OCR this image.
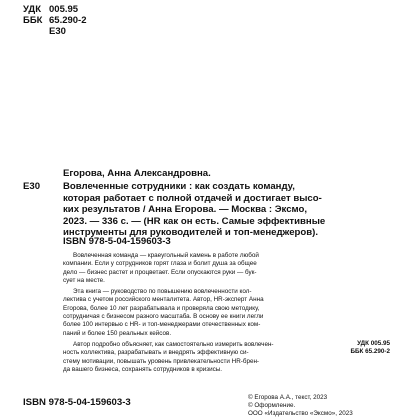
УДК 005.95
ББК 65.290-2
Е30
Егорова, Анна Александровна.
Е30 Вовлеченные сотрудники : как создать команду,
которая работает с полной отдачей и достигает высо-
ких результатов / Анна Егорова. — Москва : Эксмо,
2023. — 336 с. — (HR как он есть. Самые эффективные
инструменты для руководителей и топ-менеджеров).
ISBN 978-5-04-159603-3
Вовлеченная команда — краеугольный камень в работе любой
компании. Если у сотрудников горят глаза и болит душа за общее
дело — бизнес растет и процветает. Если опускаются руки — бук-
сует на месте.
Эта книга — руководство по повышению вовлеченности кол-
лектива с учетом российского менталитета. Автор, HR-эксперт Анна
Егорова, более 10 лет разрабатывала и проверяла свою методику,
сотрудничая с бизнесом разного масштаба. В основу ее книги легли
более 100 интервью с HR- и топ-менеджерами отечественных ком-
паний и более 150 реальных кейсов.
Автор подробно объясняет, как самостоятельно измерить вовлечен-
ность коллектива, разрабатывать и внедрять эффективную си-
стему мотивации, повышать уровень привлекательности HR-брен-
да вашего бизнеса, сохранять сотрудников в кризисы.
УДК 005.95
ББК 65.290-2
ISBN 978-5-04-159603-3	© Егорова А.А., текст, 2023
© Оформление.
ООО «Издательство «Эксмо», 2023
